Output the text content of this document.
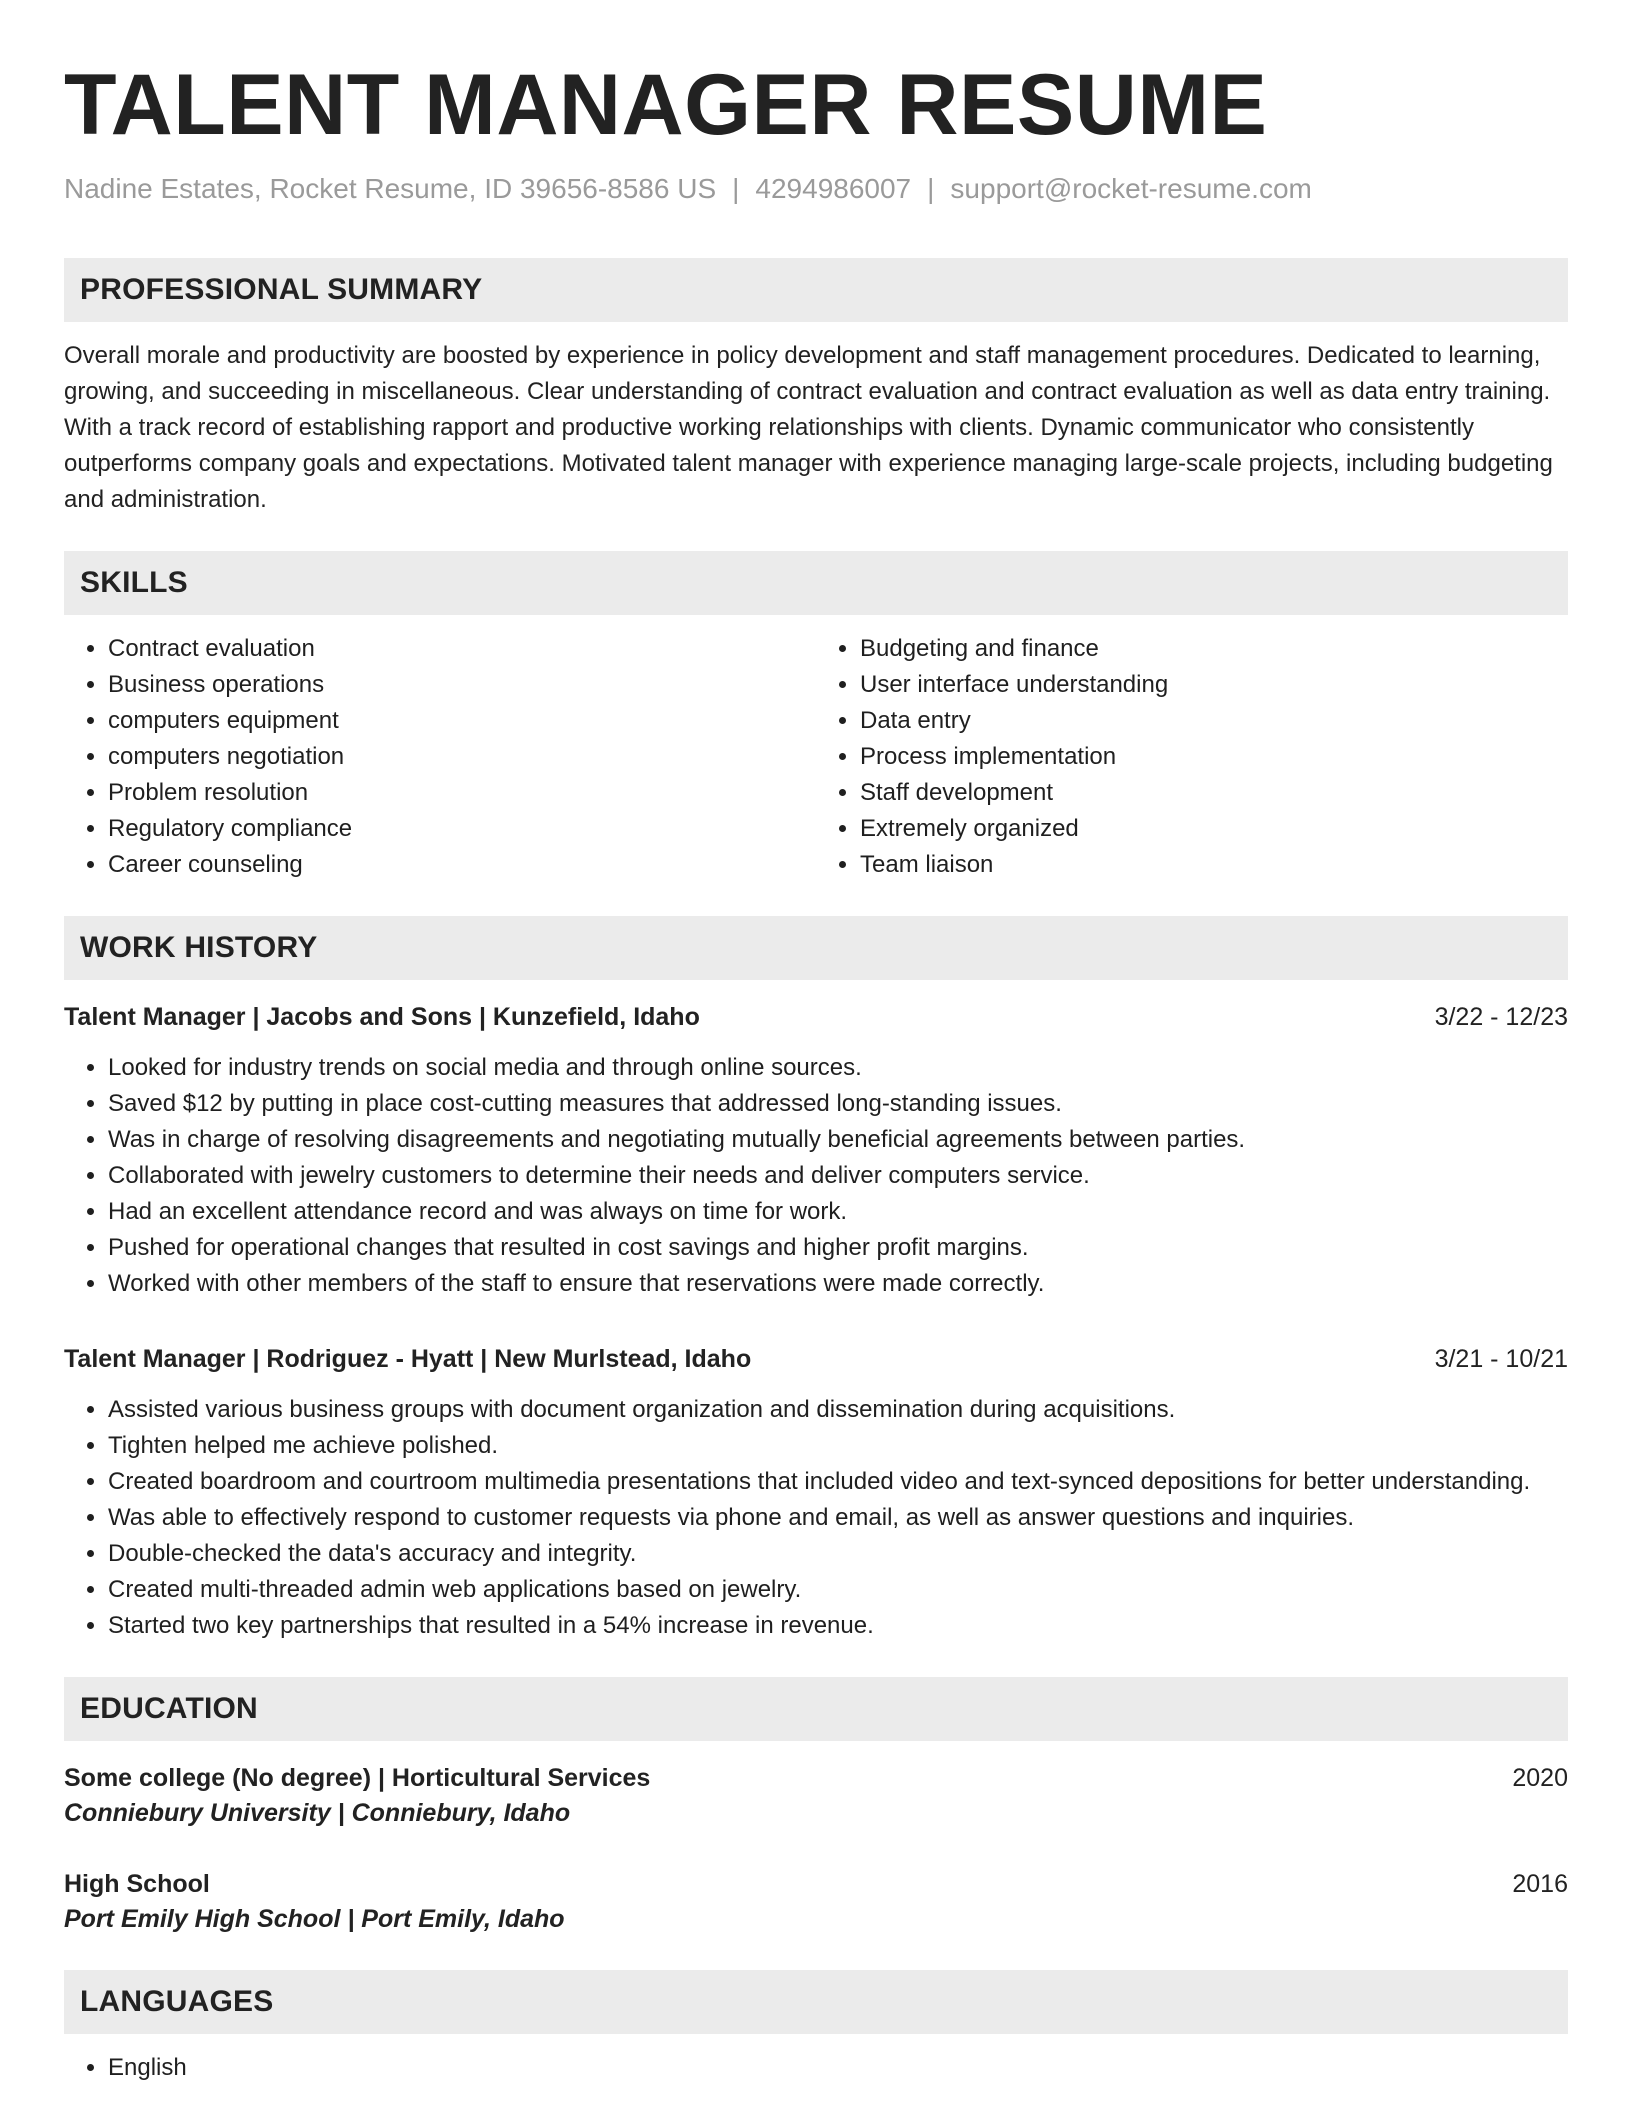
TALENT MANAGER RESUME
Nadine Estates, Rocket Resume, ID 39656-8586 US | 4294986007 | support@rocket-resume.com
PROFESSIONAL SUMMARY

Overall morale and productivity are boosted by experience in policy development and staff management procedures. Dedicated to learning, growing, and succeeding in miscellaneous. Clear understanding of contract evaluation and contract evaluation as well as data entry training. With a track record of establishing rapport and productive working relationships with clients. Dynamic communicator who consistently outperforms company goals and expectations. Motivated talent manager with experience managing large-scale projects, including budgeting and administration.

SKILLS
• Contract evaluation
• Business operations
• computers equipment
• computers negotiation
• Problem resolution
• Regulatory compliance
• Career counseling
• Budgeting and finance
• User interface understanding
• Data entry
• Process implementation
• Staff development
• Extremely organized
• Team liaison
WORK HISTORY
Talent Manager | Jacobs and Sons | Kunzefield, Idaho	3/22 - 12/23
• Looked for industry trends on social media and through online sources.
• Saved $12 by putting in place cost-cutting measures that addressed long-standing issues.
• Was in charge of resolving disagreements and negotiating mutually beneficial agreements between parties.
• Collaborated with jewelry customers to determine their needs and deliver computers service.
• Had an excellent attendance record and was always on time for work.
• Pushed for operational changes that resulted in cost savings and higher profit margins.
• Worked with other members of the staff to ensure that reservations were made correctly.
Talent Manager | Rodriguez - Hyatt | New Murlstead, Idaho	3/21 - 10/21
• Assisted various business groups with document organization and dissemination during acquisitions.
• Tighten helped me achieve polished.
• Created boardroom and courtroom multimedia presentations that included video and text-synced depositions for better understanding.
• Was able to effectively respond to customer requests via phone and email, as well as answer questions and inquiries.
• Double-checked the data's accuracy and integrity.
• Created multi-threaded admin web applications based on jewelry.
• Started two key partnerships that resulted in a 54% increase in revenue.
EDUCATION
Some college (No degree) | Horticultural Services	2020
Conniebury University | Conniebury, Idaho
High School	2016
Port Emily High School | Port Emily, Idaho
LANGUAGES
• English
